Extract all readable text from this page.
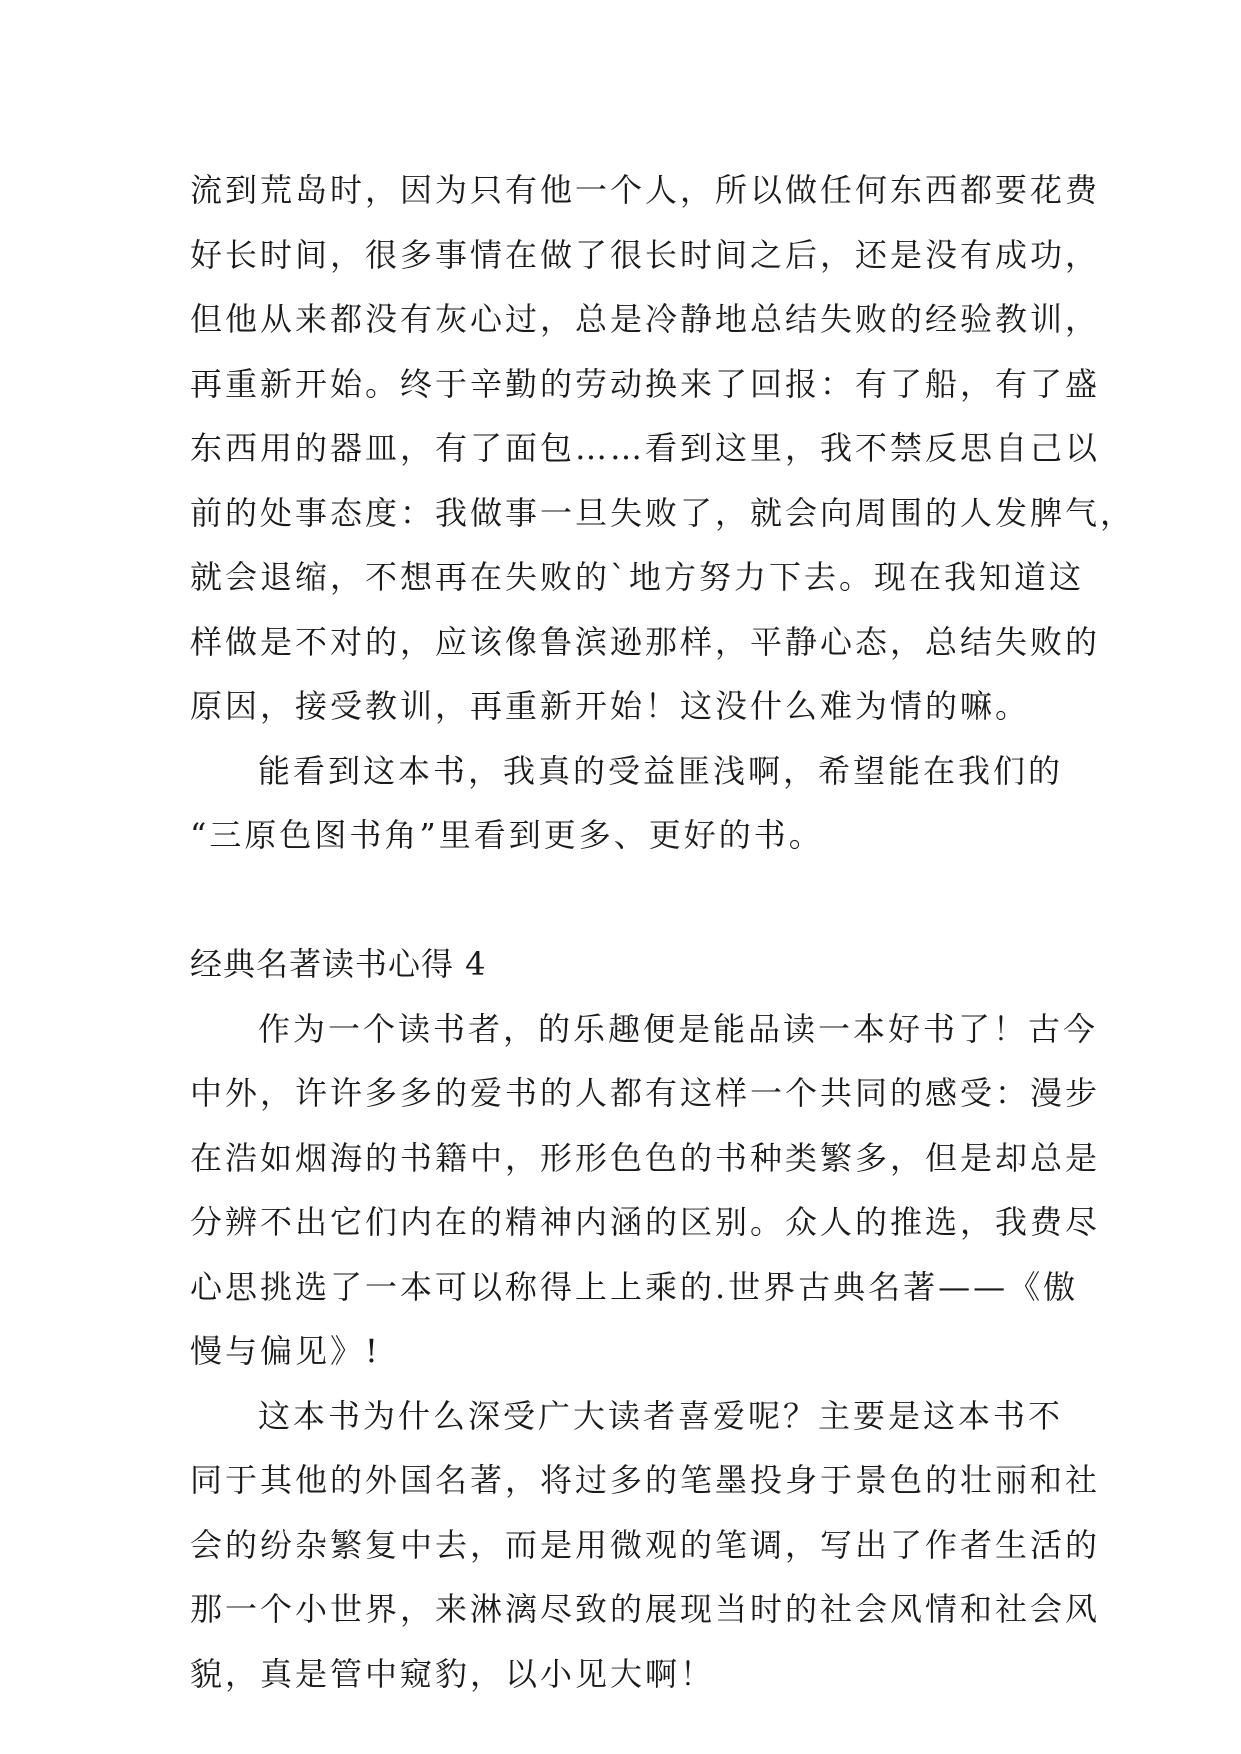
流到荒岛时，因为只有他一个人，所以做任何东西都要花费
好长时间，很多事情在做了很长时间之后，还是没有成功，
但他从来都没有灰心过，总是冷静地总结失败的经验教训，
再重新开始。终于辛勤的劳动换来了回报：有了船，有了盛
东西用的器皿，有了面包……看到这里，我不禁反思自己以
前的处事态度：我做事一旦失败了，就会向周围的人发脾气，
就会退缩，不想再在失败的`地方努力下去。现在我知道这
样做是不对的，应该像鲁滨逊那样，平静心态，总结失败的
原因，接受教训，再重新开始！这没什么难为情的嘛。
能看到这本书，我真的受益匪浅啊，希望能在我们的
“三原色图书角”里看到更多、更好的书。
经典名著读书心得 4
作为一个读书者，的乐趣便是能品读一本好书了！古今
中外，许许多多的爱书的人都有这样一个共同的感受：漫步
在浩如烟海的书籍中，形形色色的书种类繁多，但是却总是
分辨不出它们内在的精神内涵的区别。众人的推选，我费尽
心思挑选了一本可以称得上上乘的.世界古典名著——《傲
慢与偏见》!
这本书为什么深受广大读者喜爱呢？主要是这本书不
同于其他的外国名著，将过多的笔墨投身于景色的壮丽和社
会的纷杂繁复中去，而是用微观的笔调，写出了作者生活的
那一个小世界，来淋漓尽致的展现当时的社会风情和社会风
貌，真是管中窥豹，以小见大啊！
